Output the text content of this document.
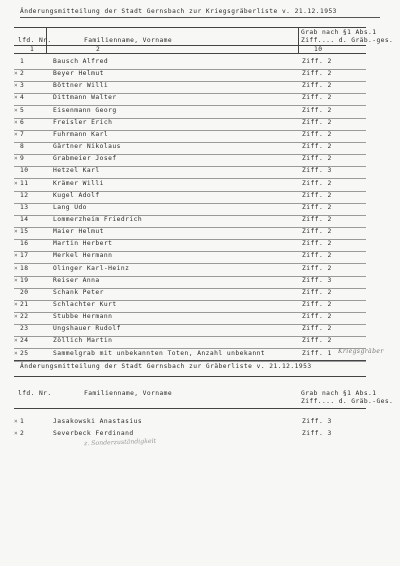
Änderungsmitteilung der Stadt Gernsbach zur Kriegsgräberliste v. 21.12.1953
lfd. Nr.	Familienname, Vorname
Grab nach §1 Abs.1
Ziff.... d. Gräb.-ges.
1	2	10
1	Bausch Alfred	Ziff. 2
× 2	Beyer Helmut	Ziff. 2
× 3	Böttner Willi	Ziff. 2
× 4	Dittmann Walter	Ziff. 2
× 5	Eisenmann Georg	Ziff. 2
× 6	Freisler Erich	Ziff. 2
× 7	Fuhrmann Karl	Ziff. 2
8	Gärtner Nikolaus	Ziff. 2
× 9	Grabmeier Josef	Ziff. 2
10	Hetzel Karl	Ziff. 3
× 11	Krämer Willi	Ziff. 2
12	Kugel Adolf	Ziff. 2
13	Lang Udo	Ziff. 2
14	Lommerzheim Friedrich	Ziff. 2
× 15	Maier Helmut	Ziff. 2
16	Martin Herbert	Ziff. 2
× 17	Merkel Hermann	Ziff. 2
× 18	Olinger Karl-Heinz	Ziff. 2
× 19	Reiser Anna	Ziff. 3
20	Schank Peter	Ziff. 2
× 21	Schlachter Kurt	Ziff. 2
× 22	Stubbe Hermann	Ziff. 2
23	Ungshauer Rudolf	Ziff. 2
× 24	Zöllich Martin	Ziff. 2
× 25	Sammelgrab mit unbekannten Toten, Anzahl unbekannt	Ziff. 1 Kriegsgräber
Änderungsmitteilung der Stadt Gernsbach zur Gräberliste v. 21.12.1953
lfd. Nr.	Familienname, Vorname	Grab nach §1 Abs.1
Ziff.... d. Gräb.-Ges.
× 1	Jasakowski Anastasius	Ziff. 3
× 2	Severbeck Ferdinand	Ziff. 3
z. Sonderzuständigkeit
